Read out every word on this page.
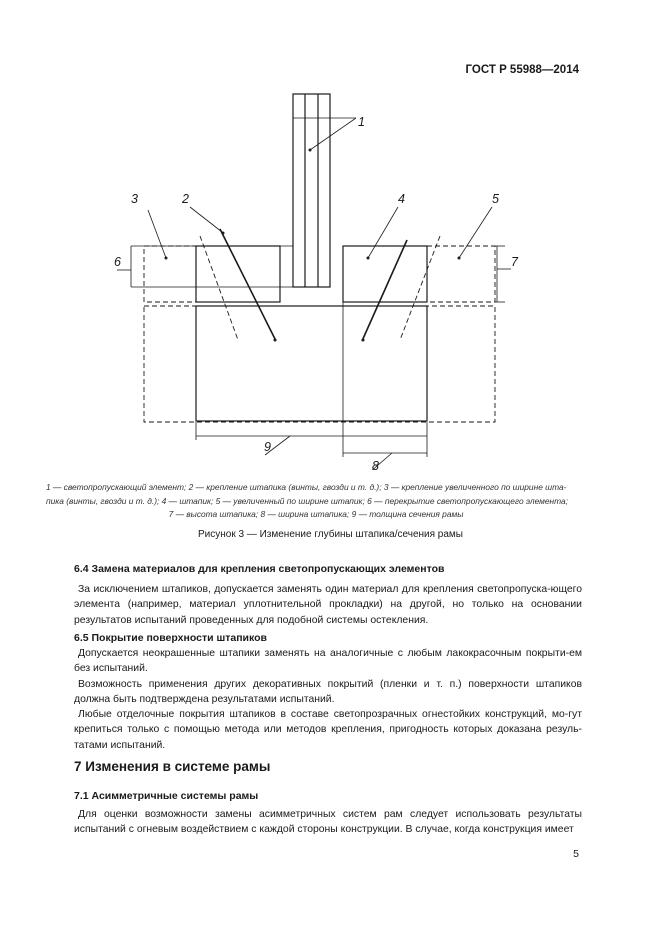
ГОСТ Р 55988—2014
1
2
3	4	5
6	7
8
9

1 — светопропускающий элемент; 2 — крепление штапика (винты, гвозди и т. д.); 3 — крепление увеличенного по ширине шта-

пика (винты, гвозди и т. д.); 4 — штапик; 5 — увеличенный по ширине штапик; 6 — перекрытие светопропускающего элемента;

7 — высота штапика; 8 — ширина штапика; 9 — толщина сечения рамы

Рисунок 3 — Изменение глубины штапика/сечения рамы
6.4 Замена материалов для крепления светопропускающих элементов

За исключением штапиков, допускается заменять один материал для крепления светопропуска-ющего элемента (например, материал уплотнительной прокладки) на другой, но только на основании результатов испытаний проведенных для подобной системы остекления.

6.5 Покрытие поверхности штапиков

Допускается неокрашенные штапики заменять на аналогичные с любым лакокрасочным покрыти-ем без испытаний.

Возможность применения других декоративных покрытий (пленки и т. п.) поверхности штапиков должна быть подтверждена результатами испытаний.

Любые отделочные покрытия штапиков в составе светопрозрачных огнестойких конструкций, мо-гут крепиться только с помощью метода или методов крепления, пригодность которых доказана резуль-татами испытаний.

7 Изменения в системе рамы
7.1 Асимметричные системы рамы

Для оценки возможности замены асимметричных систем рам следует использовать результаты испытаний с огневым воздействием с каждой стороны конструкции. В случае, когда конструкция имеет

5
